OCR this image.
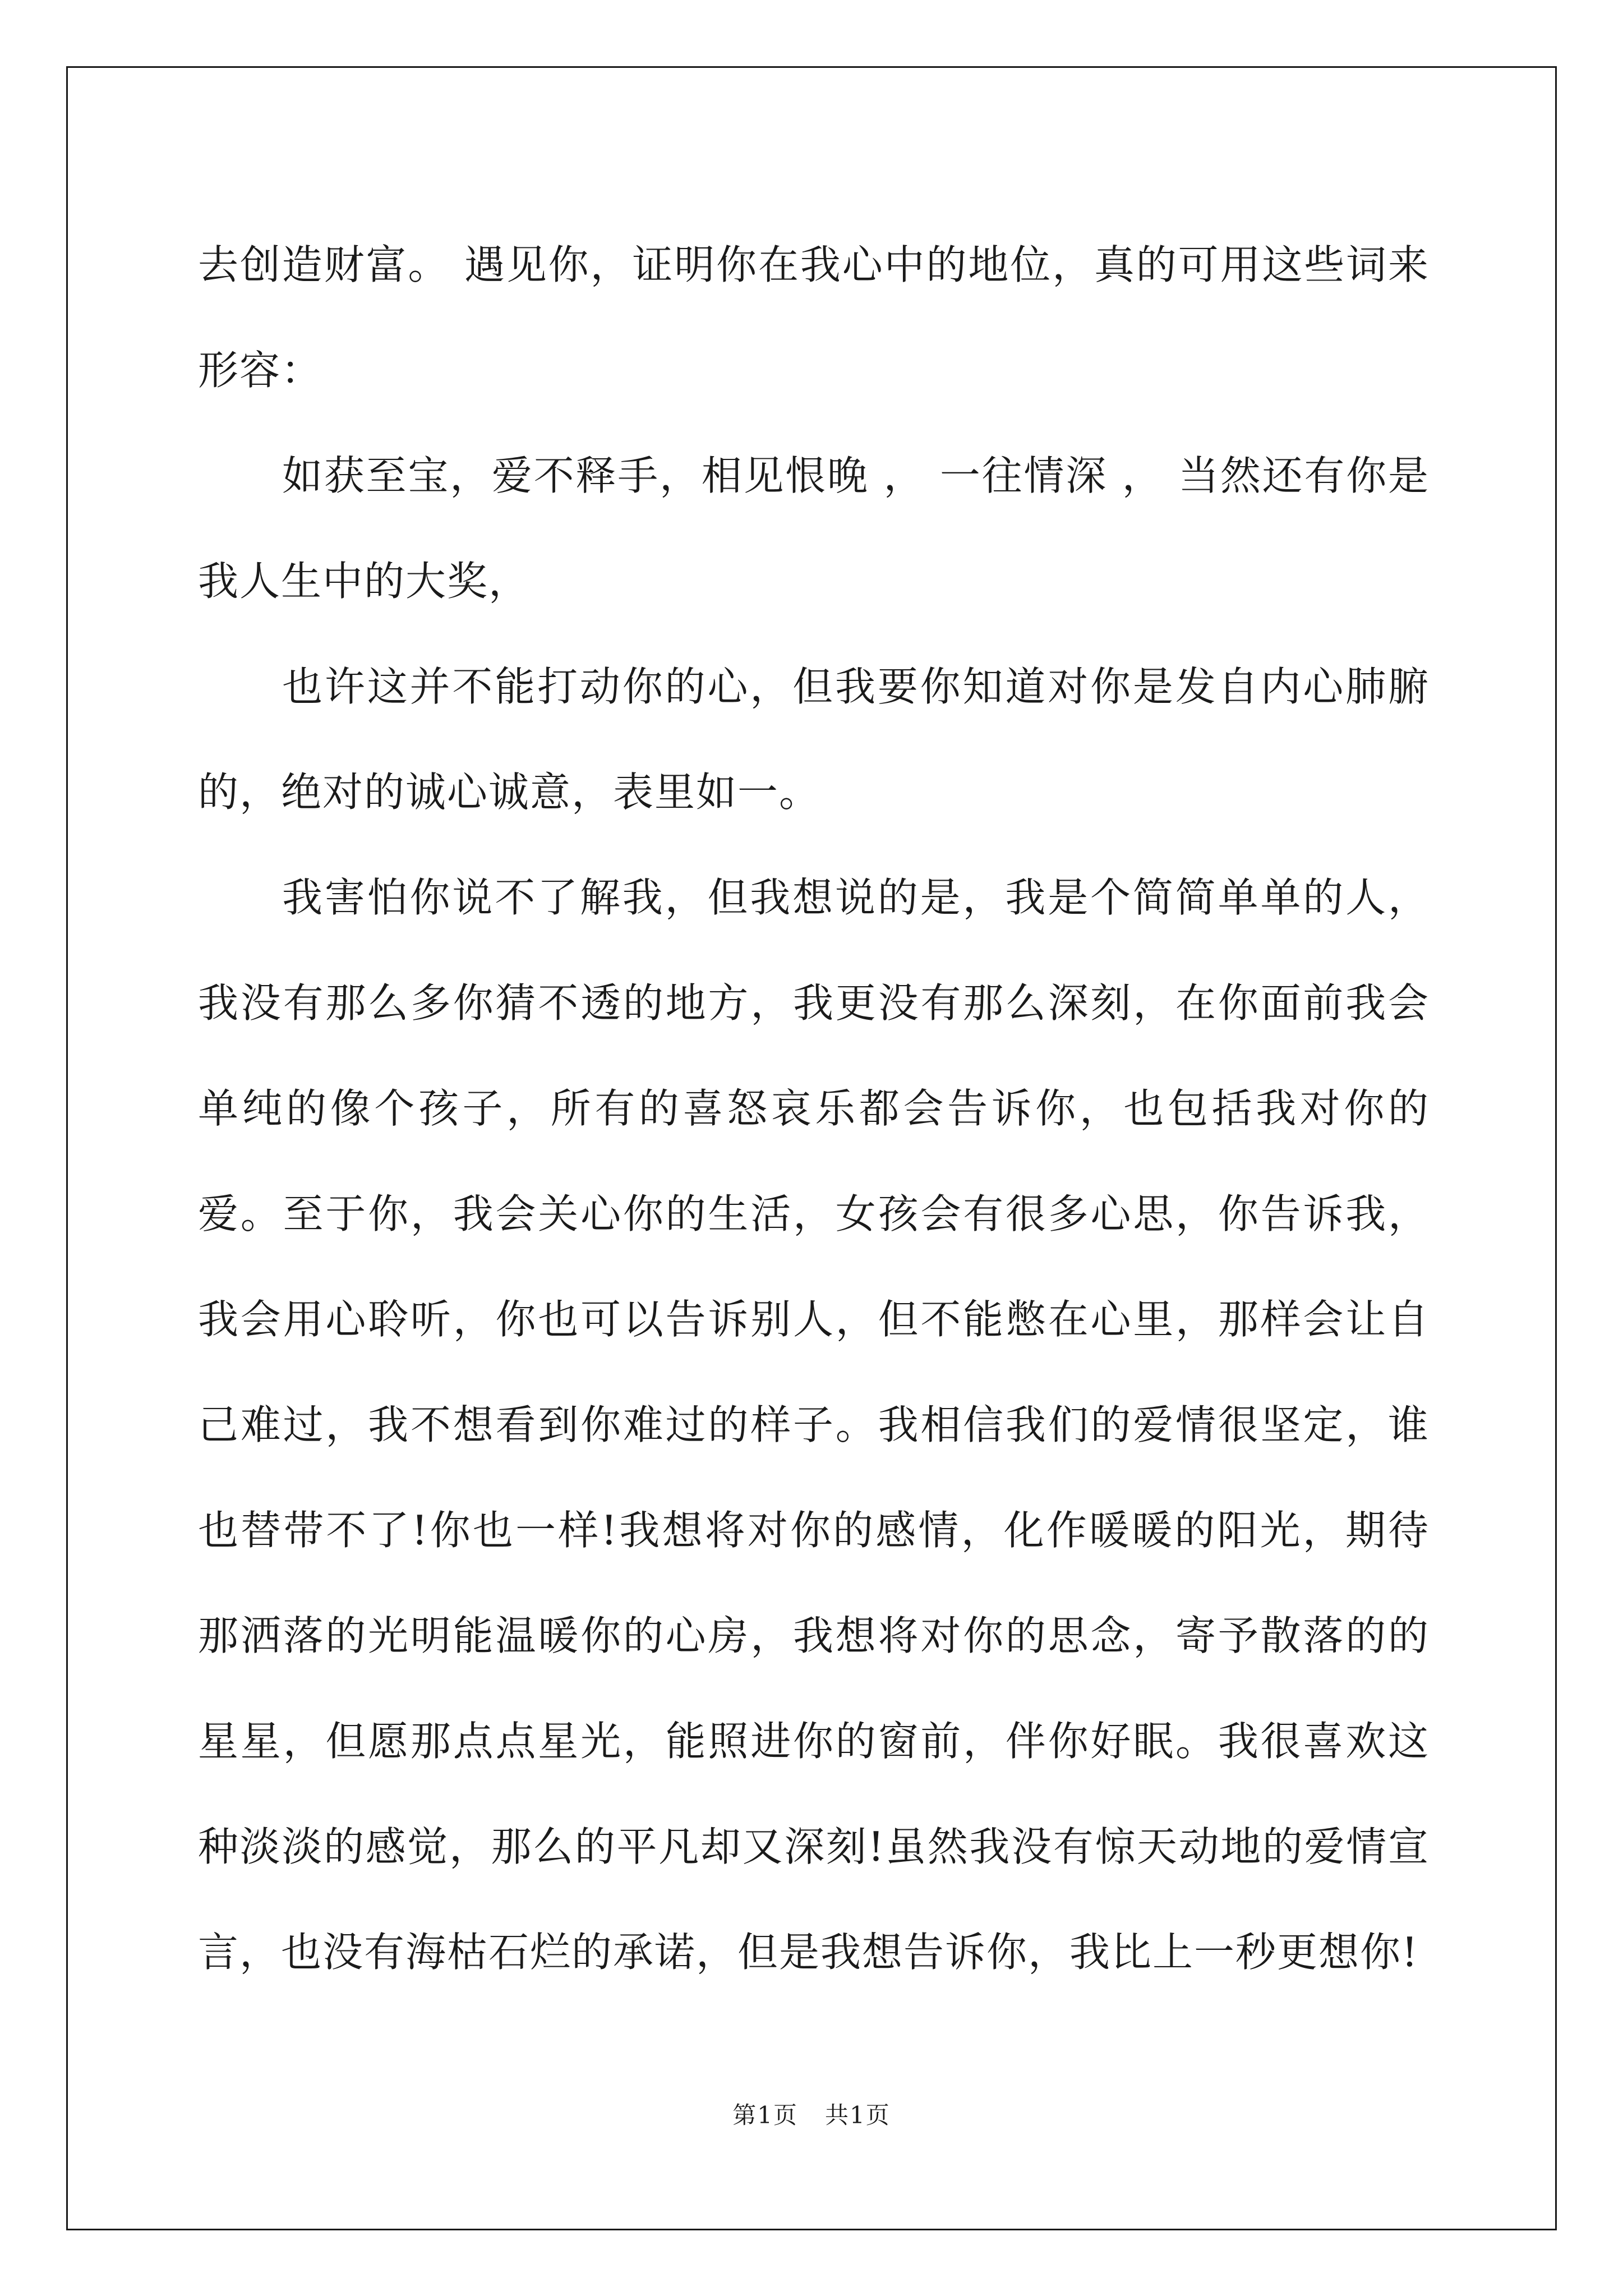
去创造财富。 遇见你，证明你在我心中的地位，真的可用这些词来形容：

如获至宝，爱不释手，相见恨晚 ， 一往情深 ， 当然还有你是我人生中的大奖，

也许这并不能打动你的心，但我要你知道对你是发自内心肺腑的，绝对的诚心诚意，表里如一。

我害怕你说不了解我，但我想说的是，我是个简简单单的人，我没有那么多你猜不透的地方，我更没有那么深刻，在你面前我会单纯的像个孩子，所有的喜怒哀乐都会告诉你，也包括我对你的爱。至于你，我会关心你的生活，女孩会有很多心思，你告诉我，我会用心聆听，你也可以告诉别人，但不能憋在心里，那样会让自己难过，我不想看到你难过的样子。我相信我们的爱情很坚定，谁也替带不了!你也一样!我想将对你的感情，化作暖暖的阳光，期待那洒落的光明能温暖你的心房，我想将对你的思念，寄予散落的的星星，但愿那点点星光，能照进你的窗前，伴你好眠。我很喜欢这种淡淡的感觉，那么的平凡却又深刻!虽然我没有惊天动地的爱情宣言，也没有海枯石烂的承诺，但是我想告诉你，我比上一秒更想你!

第1页 共1页
